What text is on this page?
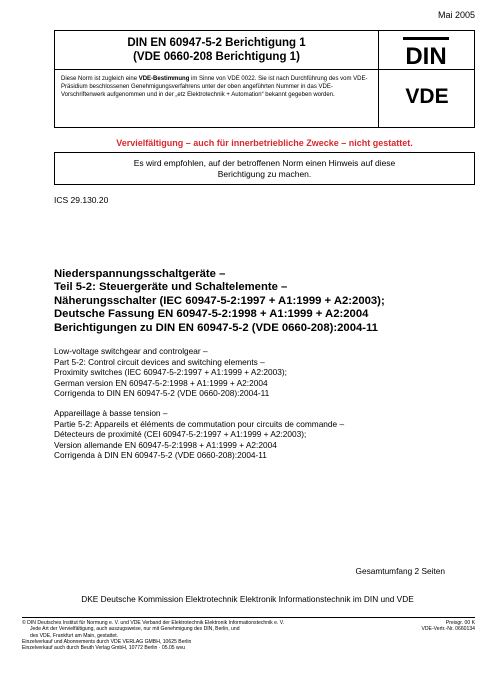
Mai 2005
DIN EN 60947-5-2 Berichtigung 1
(VDE 0660-208 Berichtigung 1)	DIN
Diese Norm ist zugleich eine VDE-Bestimmung im Sinne von VDE 0022. Sie ist nach Durchführung des vom VDE-Präsidium beschlossenen Genehmigungsverfahrens unter der oben angeführten Nummer in das VDE-Vorschriftenwerk aufgenommen und in der „etz Elektrotechnik + Automation“ bekannt gegeben worden.	VDE
Vervielfältigung – auch für innerbetriebliche Zwecke – nicht gestattet.
Es wird empfohlen, auf der betroffenen Norm einen Hinweis auf diese
Berichtigung zu machen.
ICS 29.130.20
Niederspannungsschaltgeräte –
Teil 5-2: Steuergeräte und Schaltelemente –
Näherungsschalter (IEC 60947-5-2:1997 + A1:1999 + A2:2003);
Deutsche Fassung EN 60947-5-2:1998 + A1:1999 + A2:2004
Berichtigungen zu DIN EN 60947-5-2 (VDE 0660-208):2004-11
Low-voltage switchgear and controlgear –
Part 5-2: Control circuit devices and switching elements –
Proximity switches (IEC 60947-5-2:1997 + A1:1999 + A2:2003);
German version EN 60947-5-2:1998 + A1:1999 + A2:2004
Corrigenda to DIN EN 60947-5-2 (VDE 0660-208):2004-11
Appareillage à basse tension –
Partie 5-2: Appareils et éléments de commutation pour circuits de commande –
Détecteurs de proximité (CEI 60947-5-2:1997 + A1:1999 + A2:2003);
Version allemande EN 60947-5-2:1998 + A1:1999 + A2:2004
Corrigenda à DIN EN 60947-5-2 (VDE 0660-208):2004-11
Gesamtumfang 2 Seiten
DKE Deutsche Kommission Elektrotechnik Elektronik Informationstechnik im DIN und VDE
© DIN Deutsches Institut für Normung e. V. und VDE Verband der Elektrotechnik Elektronik Informationstechnik e. V.
Jede Art der Vervielfältigung, auch auszugsweise, nur mit Genehmigung des DIN, Berlin, und
des VDE, Frankfurt am Main, gestattet.
Einzelverkauf und Abonnements durch VDE VERLAG GMBH, 10625 Berlin
Einzelverkauf auch durch Beuth Verlag GmbH, 10772 Berlin · 05.05 wvu
Preisgr. 00 K
VDE-Vertr.-Nr. 0660134
